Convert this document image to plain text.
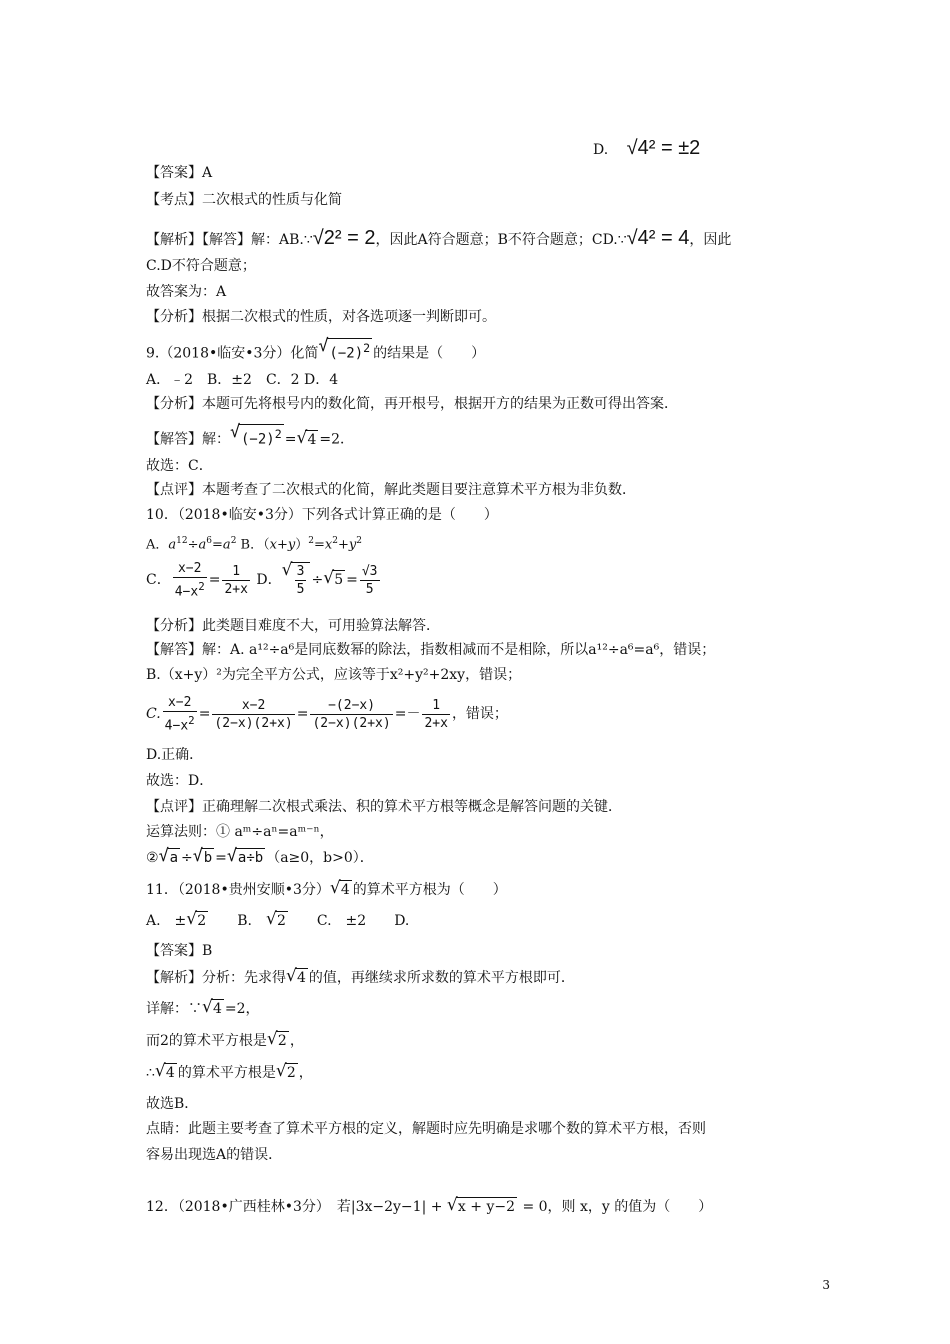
D. √4² = ±2
【答案】A
【考点】二次根式的性质与化简
【解析】【解答】解：AB.∵√2² = 2，因此A符合题意；B不符合题意；CD.∵√4² = 4，因此
C.D不符合题意；
故答案为：A
【分析】根据二次根式的性质，对各选项逐一判断即可。
9.（2018•临安•3分）化简 √ $(-2)^2$ 的结果是（　　）
A．﹣2　B．±2　C．2 D．4
【分析】本题可先将根号内的数化简，再开根号，根据开方的结果为正数可得出答案．
【解答】解： √ $(-2)^2$ = √ 4 =2．
故选：C．
【点评】本题考查了二次根式的化简，解此类题目要注意算术平方根为非负数．
10．（2018•临安•3分）下列各式计算正确的是（　　）
A．$a^{12}\div a^6=a^2$ B．$(x+y)^2=x^2+y^2$
C． $\frac{x-2}{4-x^2} = \frac{1}{2+x}$ D． √ $\frac{3}{5}$ ÷ √ $5 = \frac{√3}{5}$
【分析】此类题目难度不大，可用验算法解答．
【解答】解：A. a¹²÷a⁶是同底数幂的除法，指数相减而不是相除，所以a¹²÷a⁶=a⁶，错误；
B.（x+y）²为完全平方公式，应该等于x²+y²+2xy，错误；
C. $\frac{x-2}{4-x^2} = \frac{x-2}{(2-x)(2+x)} = \frac{-(2-x)}{(2-x)(2+x)} =- \frac{1}{2+x}$ ，错误；
D.正确．
故选：D．
【点评】正确理解二次根式乘法、积的算术平方根等概念是解答问题的关键．
运算法则：① aᵐ÷aⁿ=aᵐ⁻ⁿ，
② √ a ÷ √ b = √ a÷b （a≥0，b>0）．
11．（2018•贵州安顺•3分） √ 4 的算术平方根为（　　）
A.　± √ 2　　B.　√ 2　　C.　±2　　D.
【答案】B
【解析】分析：先求得 √ 4 的值，再继续求所求数的算术平方根即可．
详解：∵ √ 4 =2，
而2的算术平方根是 √ 2 ，
∴ √ 4 的算术平方根是 √ 2 ，
故选B．
点睛：此题主要考查了算术平方根的定义，解题时应先明确是求哪个数的算术平方根，否则
容易出现选A的错误．
12．（2018•广西桂林•3分）　若|3x−2y−1| + √ x + y−2 = 0，则 x，y 的值为（　　）
3
